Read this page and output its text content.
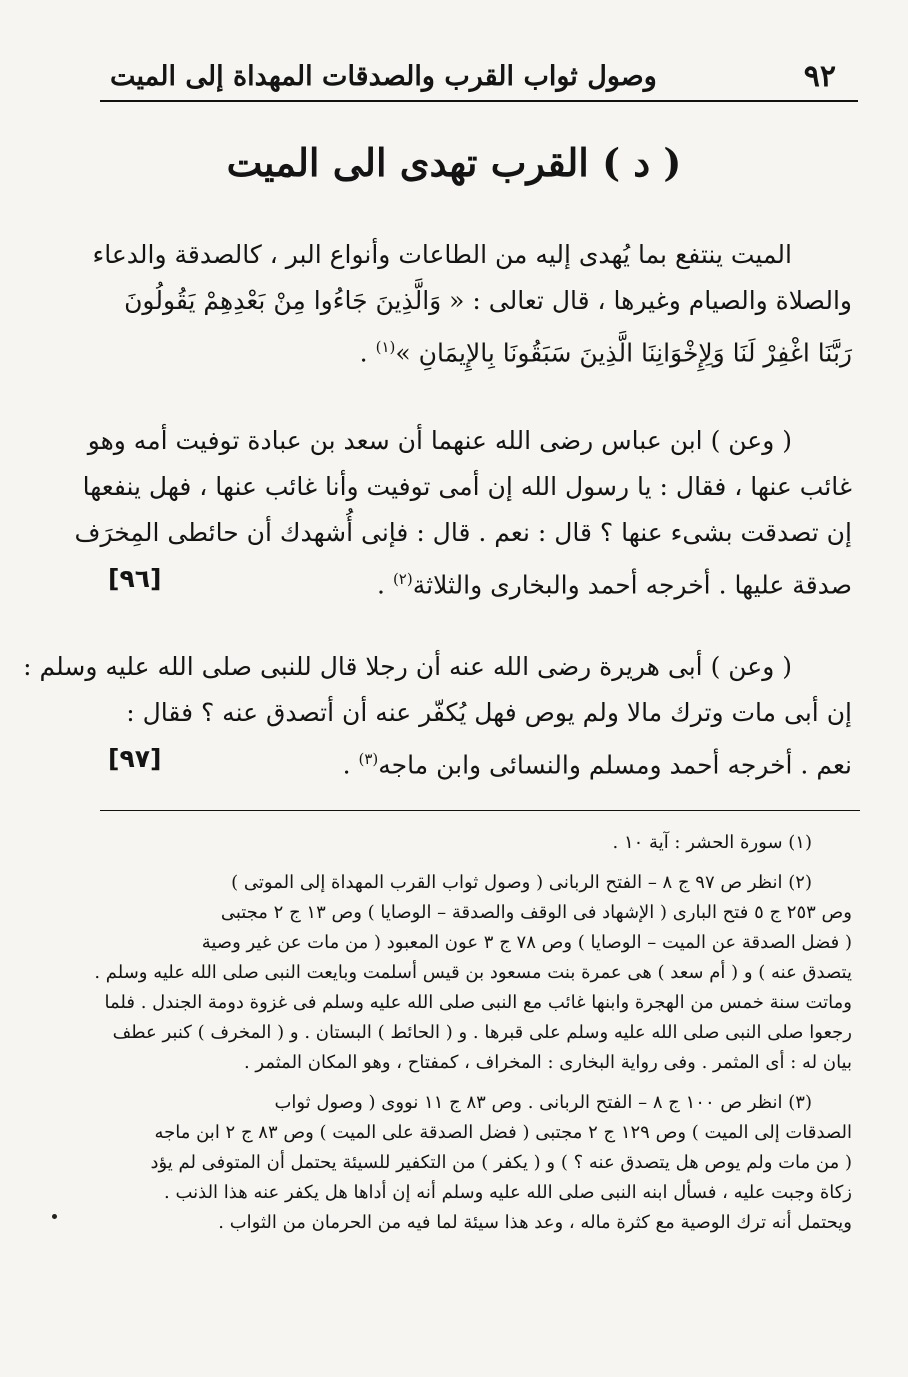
٩٢
وصول ثواب القرب والصدقات المهداة إلى الميت
( د ) القرب تهدى الى الميت
الميت ينتفع بما يُهدى إليه من الطاعات وأنواع البر ، كالصدقة والدعاء
والصلاة والصيام وغيرها ، قال تعالى : « وَالَّذِينَ جَاءُوا مِنْ بَعْدِهِمْ يَقُولُونَ
رَبَّنَا اغْفِرْ لَنَا وَلِإِخْوَانِنَا الَّذِينَ سَبَقُونَا بِالإِيمَانِ »$^{(١)}$ .
( وعن ) ابن عباس رضى الله عنهما أن سعد بن عبادة توفيت أمه وهو
غائب عنها ، فقال : يا رسول الله إن أمى توفيت وأنا غائب عنها ، فهل ينفعها
إن تصدقت بشىء عنها ؟ قال : نعم . قال : فإنى أُشهدك أن حائطى المِخرَف
[٩٦]	صدقة عليها . أخرجه أحمد والبخارى والثلاثة$^{(٢)}$ .
( وعن ) أبى هريرة رضى الله عنه أن رجلا قال للنبى صلى الله عليه وسلم :
إن أبى مات وترك مالا ولم يوص فهل يُكفّر عنه أن أتصدق عنه ؟ فقال :
[٩٧]	نعم . أخرجه أحمد ومسلم والنسائى وابن ماجه$^{(٣)}$ .
(١) سورة الحشر : آية ١٠ .
(٢) انظر ص ٩٧ ج ٨ – الفتح الربانى ( وصول ثواب القرب المهداة إلى الموتى )
وص ٢٥٣ ج ٥ فتح البارى ( الإشهاد فى الوقف والصدقة – الوصايا ) وص ١٣ ج ٢ مجتبى
( فضل الصدقة عن الميت – الوصايا ) وص ٧٨ ج ٣ عون المعبود ( من مات عن غير وصية
يتصدق عنه ) و ( أم سعد ) هى عمرة بنت مسعود بن قيس أسلمت وبايعت النبى صلى الله عليه وسلم .
وماتت سنة خمس من الهجرة وابنها غائب مع النبى صلى الله عليه وسلم فى غزوة دومة الجندل . فلما
رجعوا صلى النبى صلى الله عليه وسلم على قبرها . و ( الحائط ) البستان . و ( المخرف ) كنبر عطف
بيان له : أى المثمر . وفى رواية البخارى : المخراف ، كمفتاح ، وهو المكان المثمر .
(٣) انظر ص ١٠٠ ج ٨ – الفتح الربانى . وص ٨٣ ج ١١ نووى ( وصول ثواب
الصدقات إلى الميت ) وص ١٢٩ ج ٢ مجتبى ( فضل الصدقة على الميت ) وص ٨٣ ج ٢ ابن ماجه
( من مات ولم يوص هل يتصدق عنه ؟ ) و ( يكفر ) من التكفير للسيئة يحتمل أن المتوفى لم يؤد
زكاة وجبت عليه ، فسأل ابنه النبى صلى الله عليه وسلم أنه إن أداها هل يكفر عنه هذا الذنب .
ويحتمل أنه ترك الوصية مع كثرة ماله ، وعد هذا سيئة لما فيه من الحرمان من الثواب .
